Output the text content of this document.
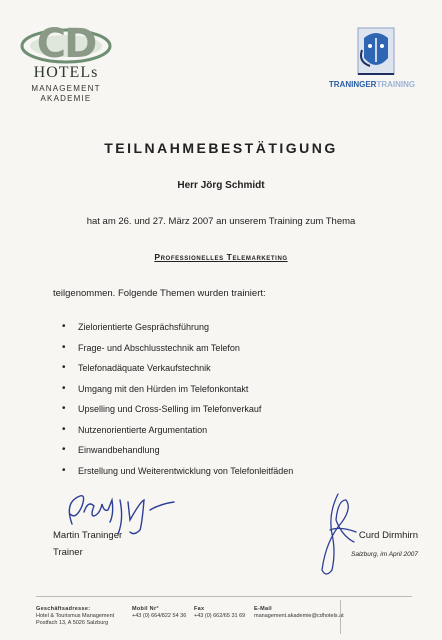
CD
HOTELs
MANAGEMENT
AKADEMIE
TRANINGERTRAINING
TEILNAHMEBESTÄTIGUNG
Herr Jörg Schmidt
hat am 26. und 27. März 2007 an unserem Training zum Thema
Professionelles Telemarketing
teilgenommen. Folgende Themen wurden trainiert:
• Zielorientierte Gesprächsführung
• Frage- und Abschlusstechnik am Telefon
• Telefonadäquate Verkaufstechnik
• Umgang mit den Hürden im Telefonkontakt
• Upselling und Cross-Selling im Telefonverkauf
• Nutzenorientierte Argumentation
• Einwandbehandlung
• Erstellung und Weiterentwicklung von Telefonleitfäden
Martin Traninger
Trainer
Curd Dirmhirn
Salzburg, im April 2007
Geschäftsadresse:
Hotel & Tourismus Management
Postfach 13, A 5026 Salzburg
Mobil Nr°
+43 (0) 664/822 54 36
Fax
+43 (0) 662/65 31 69
E-Mail
management.akademie@cdhotels.at
